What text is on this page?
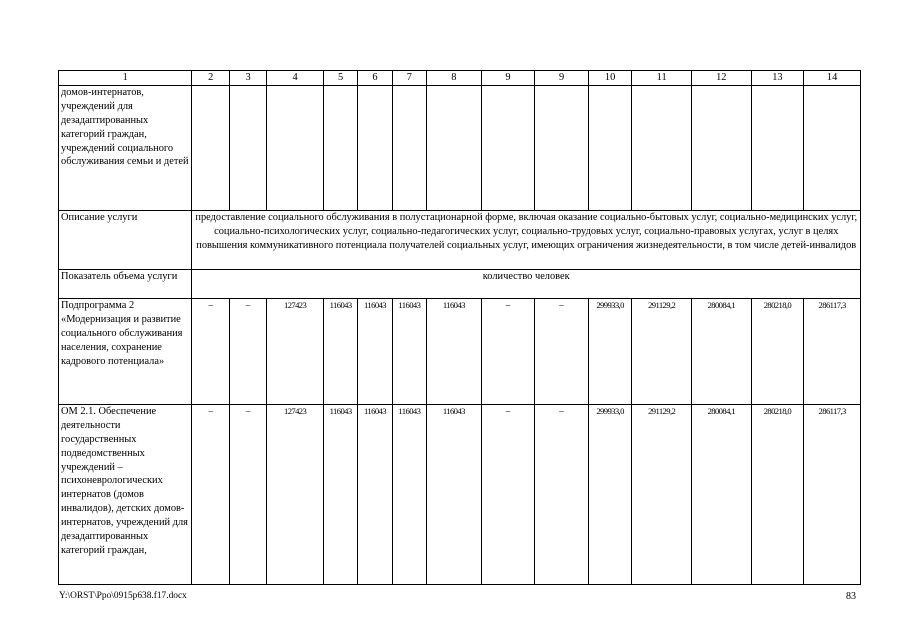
1	2	3	4	5	6	7	8	9	9	10	11	12	13	14
домов-интернатов, учреждений для дезадаптированных категорий граждан, учреждений социального обслуживания семьи и детей														
Описание услуги	предоставление социального обслуживания в полустационарной форме, включая оказание социально-бытовых услуг, социально-медицинских услуг, социально-психологических услуг, социально-педагогических услуг, социально-трудовых услуг, социально-правовых услугах, услуг в целях повышения коммуникативного потенциала получателей социальных услуг, имеющих ограничения жизнедеятельности, в том числе детей-инвалидов													
Показатель объема услуги	количество человек													
Подпрограмма 2 «Модернизация и развитие социального обслуживания населения, сохранение кадрового потенциала»	–	–	127423	116043	116043	116043	116043	–	–	299933,0	291129,2	280084,1	280218,0	286117,3
ОМ 2.1. Обеспечение деятельности государственных подведомственных учреждений – психоневрологических интернатов (домов инвалидов), детских домов-интернатов, учреждений для дезадаптированных категорий граждан,	–	–	127423	116043	116043	116043	116043	–	–	299933,0	291129,2	280084,1	280218,0	286117,3
Y:\ORST\Ppo\0915p638.f17.docx	83
